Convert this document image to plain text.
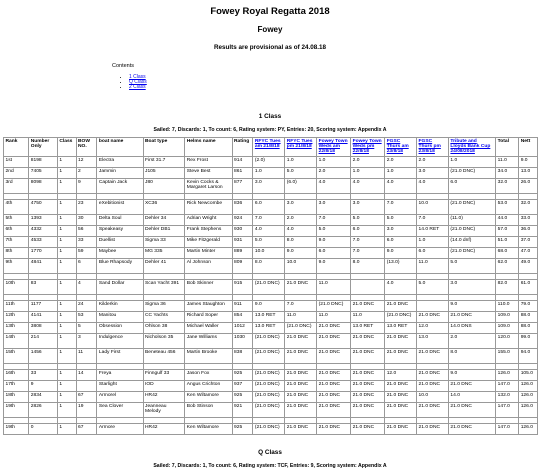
Fowey Royal Regatta 2018
Fowey
Results are provisional as of 24.08.18
Contents
• 1 Class
• Q Class
• 2 Class
1 Class
Sailed: 7, Discards: 1, To count: 6, Rating system: PY, Entries: 20, Scoring system: Appendix A
Rank	Number Only	Class	BOW NO.	boat name	Boat type	Helms name	Rating	RFYC Tues am 21/8/18	RFYC Tues pm 21/8/18	Fowey Town Weds am 22/8/18	Fowey Town Weds pm 22/8/18	FGSC Thurs am 23/8/18	FGSC Thurs pm 23/8/18	Tribute and Lloyds Bank Cup 24/08/2018	Total	Nett
1st	8198	1	12	Electra	First 31.7	Rex Frost	914	(2.0)	1.0	1.0	2.0	2.0	2.0	1.0	11.0	9.0
2nd	7405	1	2	Jammin	J105	Steve Best	861	1.0	5.0	2.0	1.0	1.0	3.0	(21.0 DNC)	34.0	13.0
3rd	8098	1	9	Captain Jack	J80	Kevin Cocks & Margaret Larson	877	3.0	(6.0)	4.0	4.0	4.0	4.0	6.0	32.0	26.0

4th	4750	1	23	eXebitionist	XC36	Rick Newcombe	836	6.0	3.0	3.0	3.0	7.0	10.0	(21.0 DNC)	53.0	32.0
5th	1393	1	30	Delta Soul	Dehler 34	Adrian Wright	924	7.0	2.0	7.0	5.0	5.0	7.0	(11.0)	44.0	33.0
6th	4332	1	56	Speakeasy	Dehler DB1	Frank Stephens	930	4.0	4.0	5.0	6.0	3.0	14.0 RET	(21.0 DNC)	57.0	36.0
7th	4533	1	33	Duellist	Sigma 33	Mike Fitzgerald	931	5.0	8.0	9.0	7.0	6.0	1.0	(14.0 dnf)	51.0	37.0
8th	1770	1	59	Maybee	MG 335	Martin Minter	889	10.0	9.0	6.0	7.0	9.0	6.0	(21.0 DNC)	68.0	47.0
9th	4841	1	6	Blue Rhapsody	Dehler 41	Al Johnson	809	8.0	10.0	9.0	8.0	(13.0)	11.0	5.0	62.0	49.0

10th	83	1	4	Sand Dollar	Scan Yacht 391	Bob Skinner	915	(21.0 DNC)	21.0 DNC	11.0		4.0	5.0	3.0	82.0	61.0

11th	1177	1	24	Kilderkin	Sigma 36	James Staughton	911	9.0	7.0	(21.0 DNC)	21.0 DNC	21.0 DNC		9.0	110.0	79.0
12th	4141	1	53	Manitou	CC Yachts	Richard Soper	854	13.0 RET	11.0	11.0	11.0	(21.0 DNC)	21.0 DNC	21.0 DNC	109.0	88.0
13th	3808	1	5	Obsession	Ohlson 38	Michael Waller	1012	13.0 RET	(21.0 DNC)	21.0 DNC	13.0 RET	13.0 RET	12.0	14.0 DNS	109.0	88.0
14th	214	1	3	Indulgence	Nicholson 35	Jane Williams	1030	(21.0 DNC)	21.0 DNC	21.0 DNC	21.0 DNC	21.0 DNC	13.0	2.0	120.0	99.0
15th	1456	1	11	Lady First	Beneteau 456	Martin Brooke	838	(21.0 DNC)	21.0 DNC	21.0 DNC	21.0 DNC	21.0 DNC	21.0 DNC	8.0	155.0	94.0

16th	33	1	14	Freya	Finngulf 33	Jason Fox	925	(21.0 DNC)	21.0 DNC	21.0 DNC	21.0 DNC	12.0	21.0 DNC	9.0	126.0	105.0
17th	9	1		Starlight	IOD	Angus Crichton	937	(21.0 DNC)	21.0 DNC	21.0 DNC	21.0 DNC	21.0 DNC	21.0 DNC	21.0 DNC	147.0	126.0
18th	2834	1	67	Armorel	HR42	Ken Wiltamore	925	(21.0 DNC)	21.0 DNC	21.0 DNC	21.0 DNC	21.0 DNC	10.0	14.0	132.0	126.0
19th	2826	1	19	Sea Clover	Jeanneau Melody	Bob Stinson	921	(21.0 DNC)	21.0 DNC	21.0 DNC	21.0 DNC	21.0 DNC	21.0 DNC	21.0 DNC	147.0	126.0

19th	0	1	67	Armore	HR42	Ken Wiltamore	925	(21.0 DNC)	21.0 DNC	21.0 DNC	21.0 DNC	21.0 DNC	21.0 DNC	21.0 DNC	147.0	126.0
Q Class
Sailed: 7, Discards: 1, To count: 6, Rating system: TCF, Entries: 9, Scoring system: Appendix A
